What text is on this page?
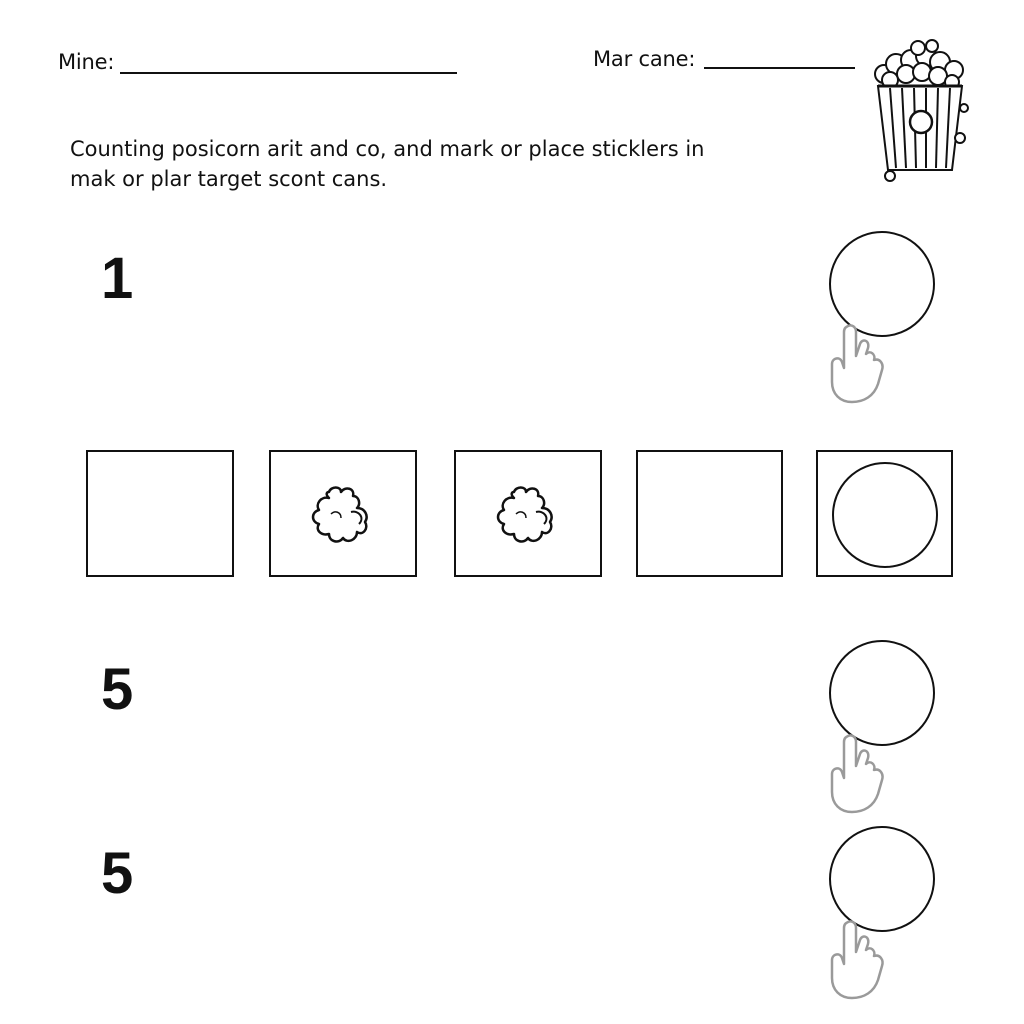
Mine:	Mar cane:
Counting posicorn arit and co, and mark or place sticklers in
mak or plar target scont cans.
1
5
5
